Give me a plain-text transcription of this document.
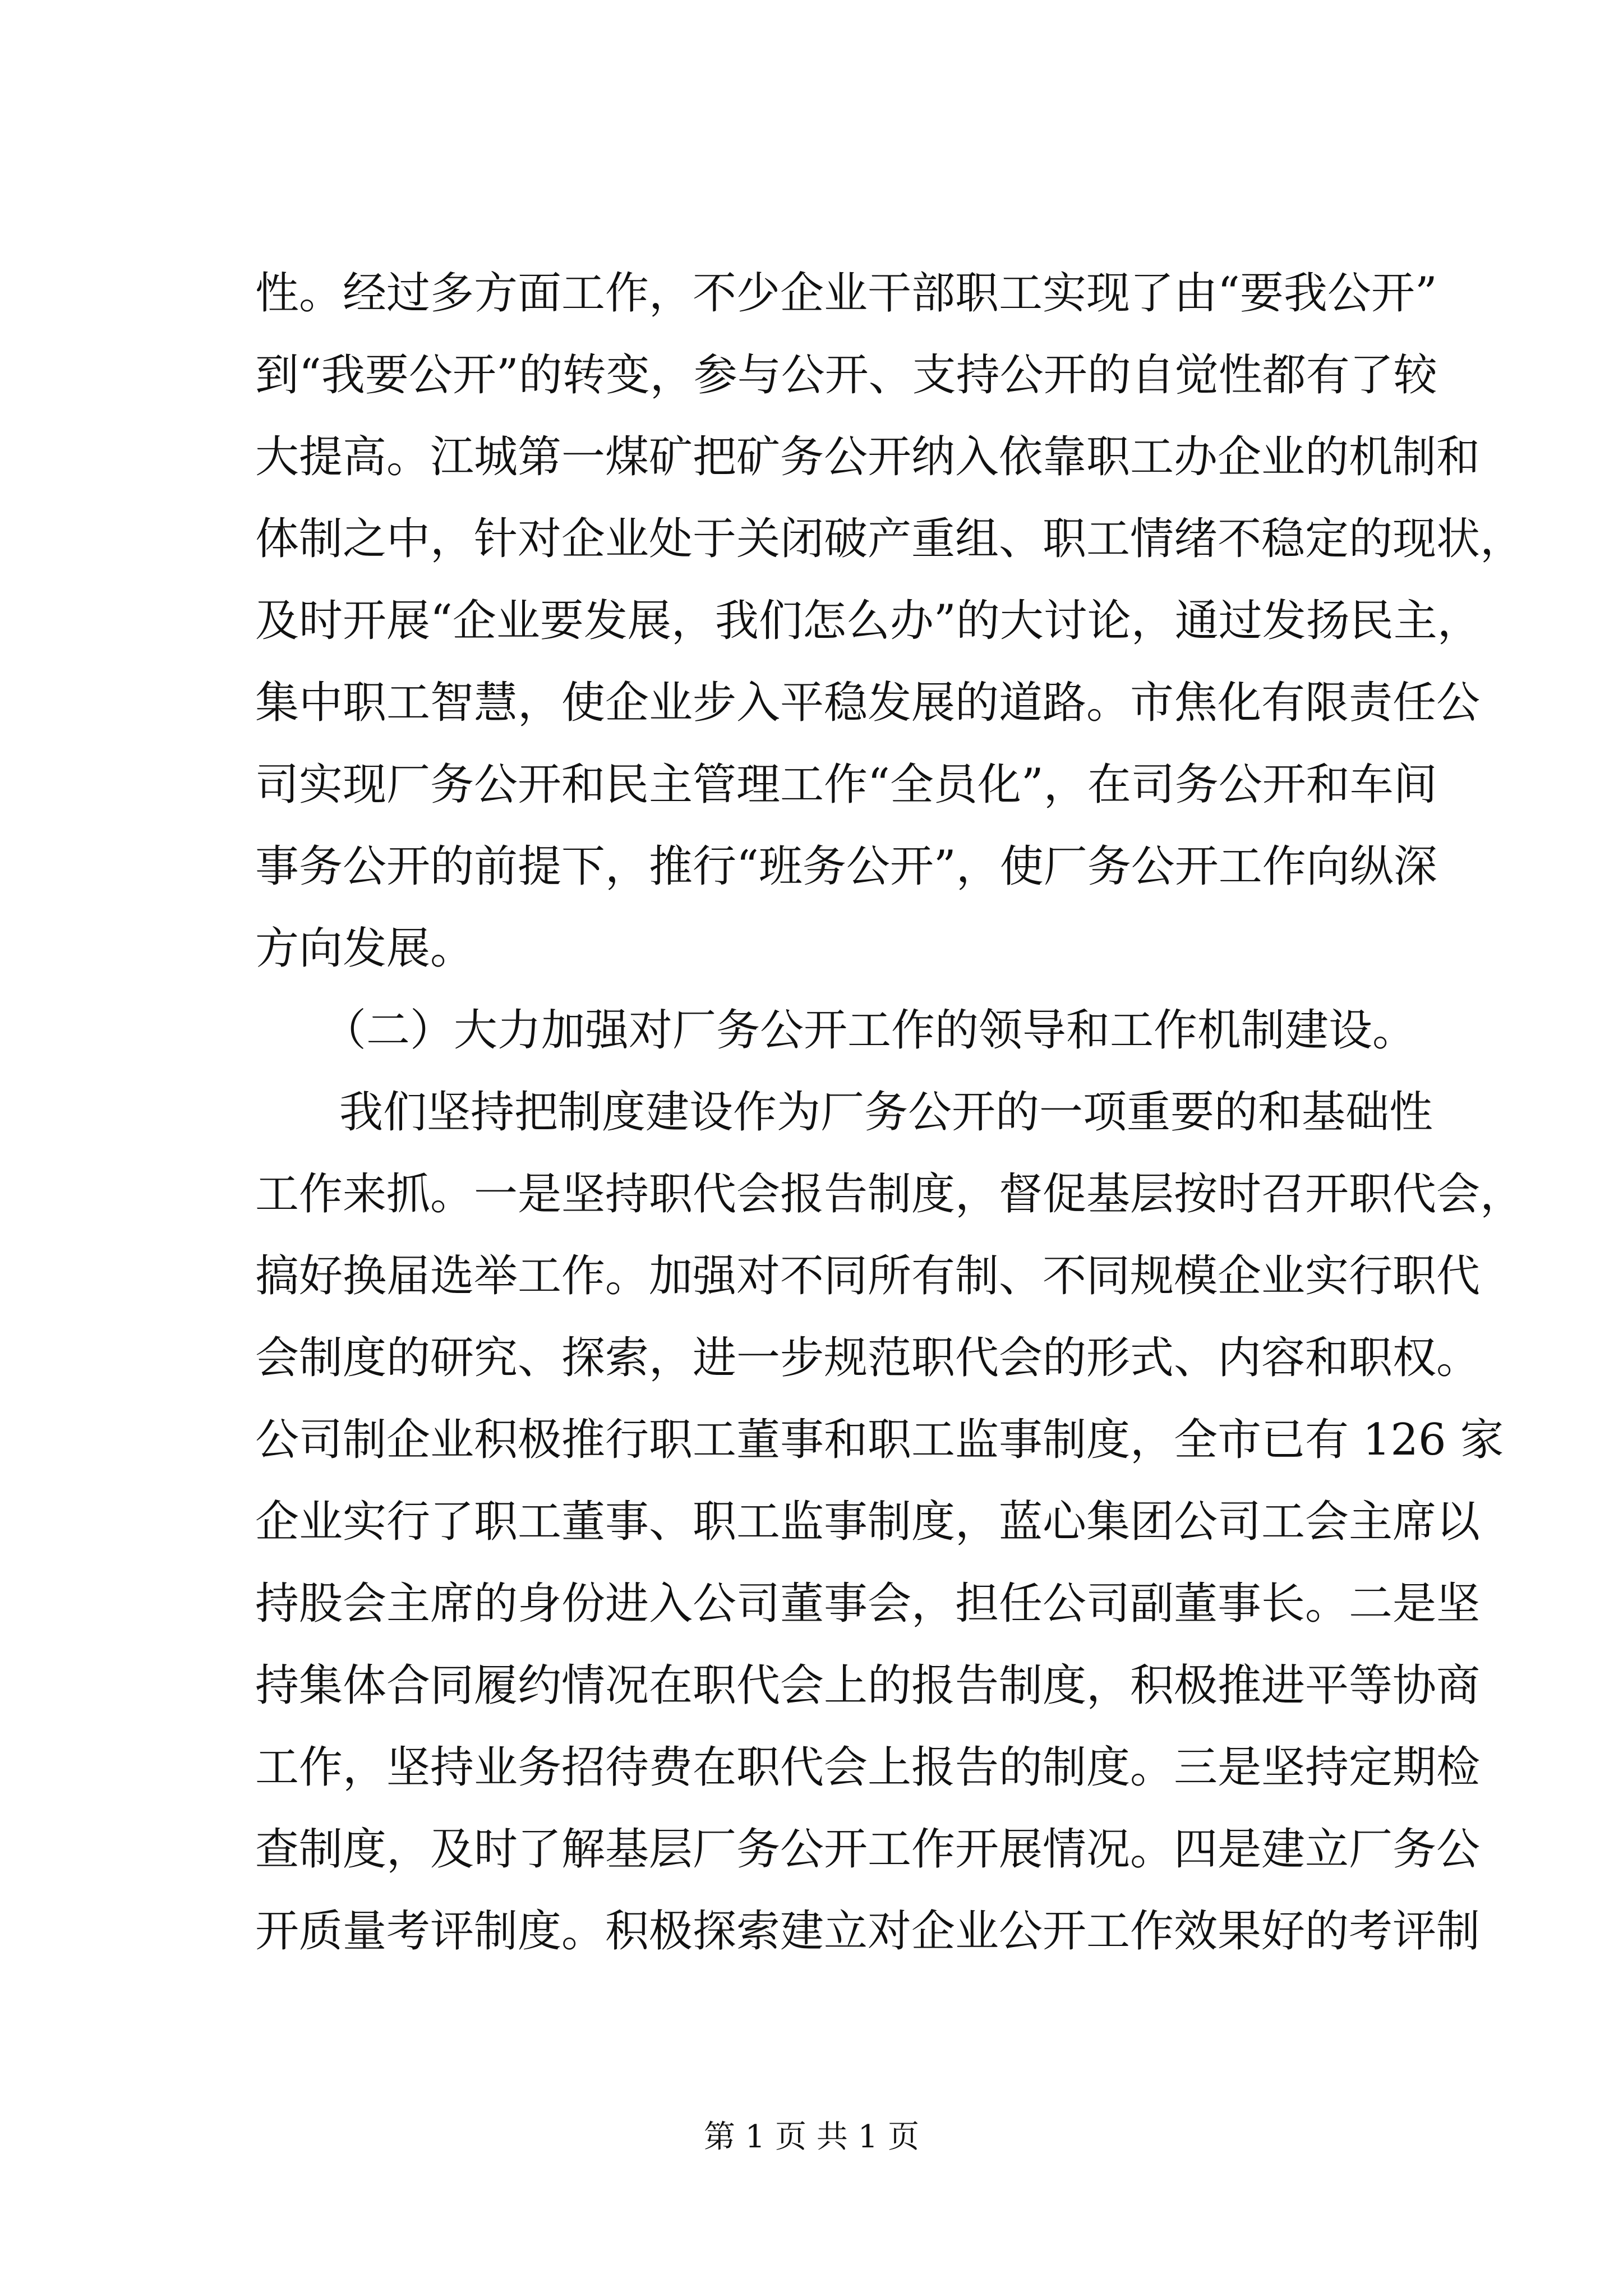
性。经过多方面工作，不少企业干部职工实现了由“要我公开”
到“我要公开”的转变，参与公开、支持公开的自觉性都有了较
大提高。江城第一煤矿把矿务公开纳入依靠职工办企业的机制和
体制之中，针对企业处于关闭破产重组、职工情绪不稳定的现状，
及时开展“企业要发展，我们怎么办”的大讨论，通过发扬民主，
集中职工智慧，使企业步入平稳发展的道路。市焦化有限责任公
司实现厂务公开和民主管理工作“全员化”，在司务公开和车间
事务公开的前提下，推行“班务公开”，使厂务公开工作向纵深
方向发展。
（二）大力加强对厂务公开工作的领导和工作机制建设。
我们坚持把制度建设作为厂务公开的一项重要的和基础性
工作来抓。一是坚持职代会报告制度，督促基层按时召开职代会，
搞好换届选举工作。加强对不同所有制、不同规模企业实行职代
会制度的研究、探索，进一步规范职代会的形式、内容和职权。
公司制企业积极推行职工董事和职工监事制度，全市已有 126 家
企业实行了职工董事、职工监事制度，蓝心集团公司工会主席以
持股会主席的身份进入公司董事会，担任公司副董事长。二是坚
持集体合同履约情况在职代会上的报告制度，积极推进平等协商
工作，坚持业务招待费在职代会上报告的制度。三是坚持定期检
查制度，及时了解基层厂务公开工作开展情况。四是建立厂务公
开质量考评制度。积极探索建立对企业公开工作效果好的考评制
第 1 页 共 1 页
